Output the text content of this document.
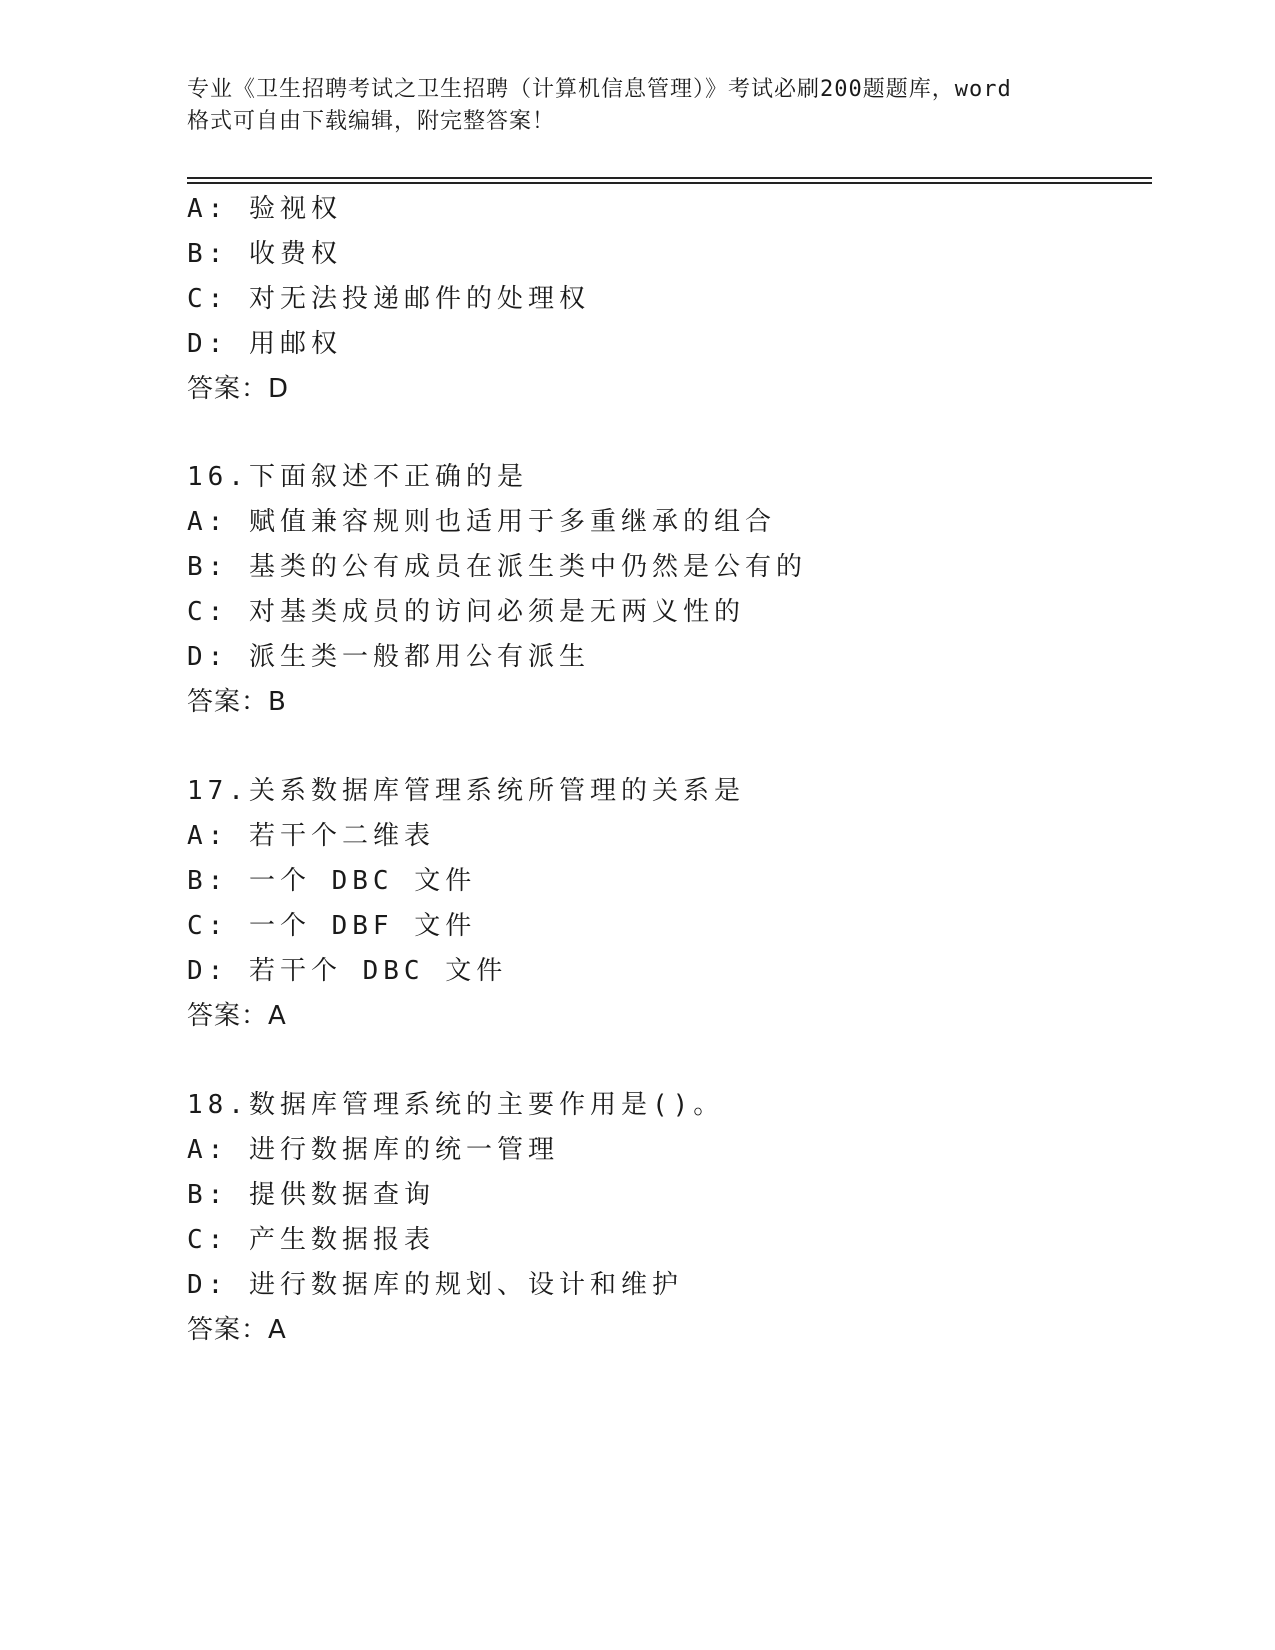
专业《卫生招聘考试之卫生招聘（计算机信息管理）》考试必刷200题题库，word
格式可自由下载编辑，附完整答案！
A: 验视权
B: 收费权
C: 对无法投递邮件的处理权
D: 用邮权
答案：D
16.下面叙述不正确的是
A: 赋值兼容规则也适用于多重继承的组合
B: 基类的公有成员在派生类中仍然是公有的
C: 对基类成员的访问必须是无两义性的
D: 派生类一般都用公有派生
答案：B
17.关系数据库管理系统所管理的关系是
A: 若干个二维表
B: 一个 DBC 文件
C: 一个 DBF 文件
D: 若干个 DBC 文件
答案：A
18.数据库管理系统的主要作用是()。
A: 进行数据库的统一管理
B: 提供数据查询
C: 产生数据报表
D: 进行数据库的规划、设计和维护
答案：A
